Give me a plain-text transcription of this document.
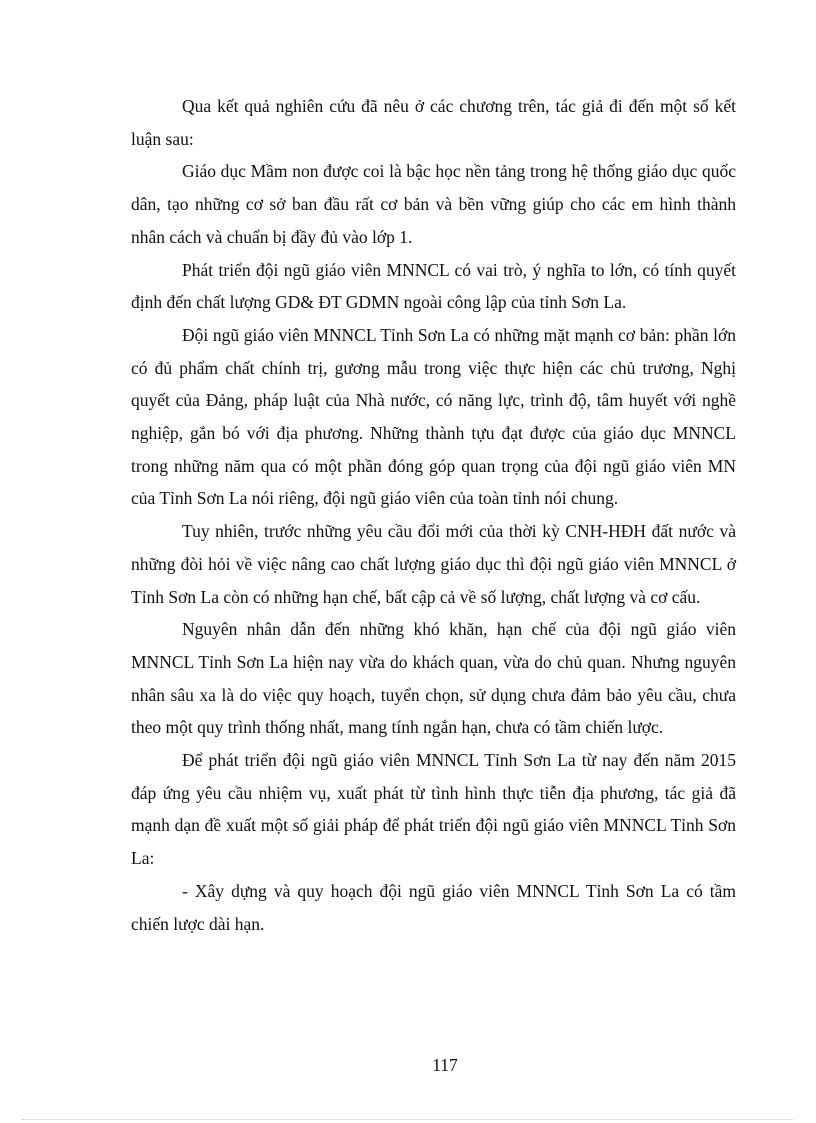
Qua kết quả nghiên cứu đã nêu ở các chương trên, tác giả đi đến một số kết luận sau:

Giáo dục Mầm non được coi là bậc học nền tảng trong hệ thống giáo dục quốc dân, tạo những cơ sở ban đầu rất cơ bản và bền vững giúp cho các em hình thành nhân cách và chuẩn bị đầy đủ vào lớp 1.

Phát triển đội ngũ giáo viên MNNCL có vai trò, ý nghĩa to lớn, có tính quyết định đến chất lượng GD& ĐT GDMN ngoài công lập của tỉnh Sơn La.

Đội ngũ giáo viên MNNCL Tỉnh Sơn La có những mặt mạnh cơ bản: phần lớn có đủ phẩm chất chính trị, gương mẫu trong việc thực hiện các chủ trương, Nghị quyết của Đảng, pháp luật của Nhà nước, có năng lực, trình độ, tâm huyết với nghề nghiệp, gắn bó với địa phương. Những thành tựu đạt được của giáo dục MNNCL trong những năm qua có một phần đóng góp quan trọng của đội ngũ giáo viên MN của Tỉnh Sơn La nói riêng, đội ngũ giáo viên của toàn tỉnh nói chung.

Tuy nhiên, trước những yêu cầu đổi mới của thời kỳ CNH-HĐH đất nước và những đòi hỏi về việc nâng cao chất lượng giáo dục thì đội ngũ giáo viên MNNCL ở Tỉnh Sơn La còn có những hạn chế, bất cập cả về số lượng, chất lượng và cơ cấu.

Nguyên nhân dẫn đến những khó khăn, hạn chế của đội ngũ giáo viên MNNCL Tỉnh Sơn La hiện nay vừa do khách quan, vừa do chủ quan. Nhưng nguyên nhân sâu xa là do việc quy hoạch, tuyển chọn, sử dụng chưa đảm bảo yêu cầu, chưa theo một quy trình thống nhất, mang tính ngắn hạn, chưa có tầm chiến lược.

Để phát triển đội ngũ giáo viên MNNCL Tỉnh Sơn La từ nay đến năm 2015 đáp ứng yêu cầu nhiệm vụ, xuất phát từ tình hình thực tiễn địa phương, tác giả đã mạnh dạn đề xuất một số giải pháp để phát triển đội ngũ giáo viên MNNCL Tỉnh Sơn La:

- Xây dựng và quy hoạch đội ngũ giáo viên MNNCL Tỉnh Sơn La có tầm chiến lược dài hạn.

117
